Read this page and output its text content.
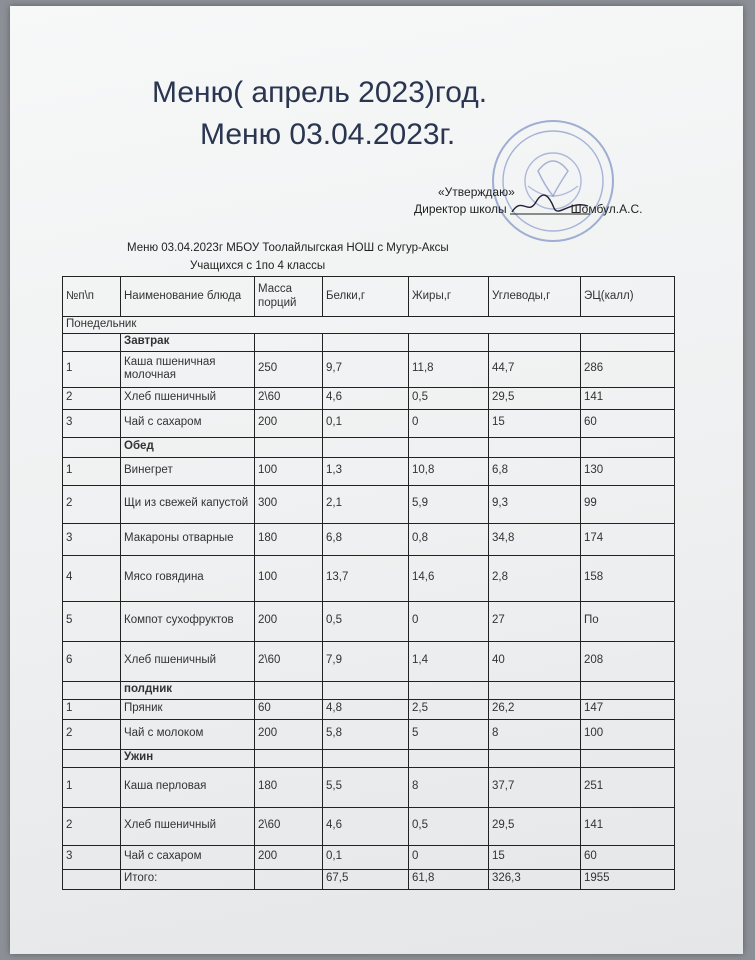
Меню( апрель 2023)год.
Меню 03.04.2023г.
«Утверждаю»
Директор школы	Шомбул.А.С.
Меню 03.04.2023г МБОУ Тоолайлыгская НОШ с Мугур-Аксы
Учащихся с 1по 4 классы
№п\п	Наименование блюда	Масса порций	Белки,г	Жиры,г	Углеводы,г	ЭЦ(калл)
Понедельник						
	Завтрак					
1	Каша пшеничная молочная	250	9,7	11,8	44,7	286
2	Хлеб пшеничный	2\60	4,6	0,5	29,5	141
3	Чай с сахаром	200	0,1	0	15	60
	Обед					
1	Винегрет	100	1,3	10,8	6,8	130
2	Щи из свежей капустой	300	2,1	5,9	9,3	99
3	Макароны отварные	180	6,8	0,8	34,8	174
4	Мясо говядина	100	13,7	14,6	2,8	158
5	Компот сухофруктов	200	0,5	0	27	По
6	Хлеб пшеничный	2\60	7,9	1,4	40	208
	полдник					
1	Пряник	60	4,8	2,5	26,2	147
2	Чай с молоком	200	5,8	5	8	100
	Ужин					
1	Каша перловая	180	5,5	8	37,7	251
2	Хлеб пшеничный	2\60	4,6	0,5	29,5	141
3	Чай с сахаром	200	0,1	0	15	60
	Итого:		67,5	61,8	326,3	1955
